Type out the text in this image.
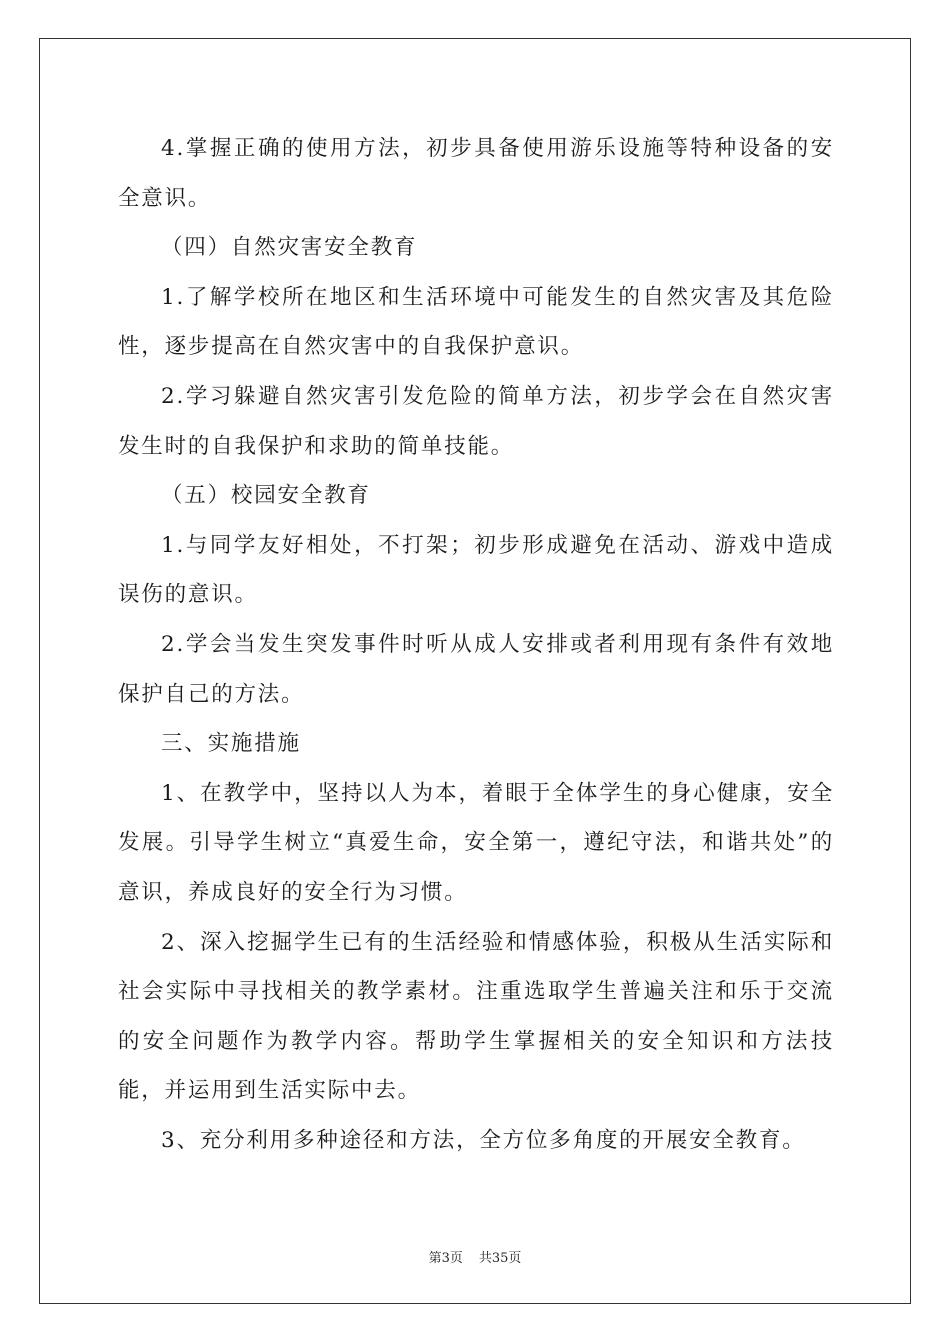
4.掌握正确的使用方法，初步具备使用游乐设施等特种设备的安全意识。

（四）自然灾害安全教育

1.了解学校所在地区和生活环境中可能发生的自然灾害及其危险性，逐步提高在自然灾害中的自我保护意识。

2.学习躲避自然灾害引发危险的简单方法，初步学会在自然灾害发生时的自我保护和求助的简单技能。

（五）校园安全教育

1.与同学友好相处，不打架；初步形成避免在活动、游戏中造成误伤的意识。

2.学会当发生突发事件时听从成人安排或者利用现有条件有效地保护自己的方法。

三、实施措施

1、在教学中，坚持以人为本，着眼于全体学生的身心健康，安全发展。引导学生树立“真爱生命，安全第一，遵纪守法，和谐共处”的意识，养成良好的安全行为习惯。

2、深入挖掘学生已有的生活经验和情感体验，积极从生活实际和社会实际中寻找相关的教学素材。注重选取学生普遍关注和乐于交流的安全问题作为教学内容。帮助学生掌握相关的安全知识和方法技能，并运用到生活实际中去。

3、充分利用多种途径和方法，全方位多角度的开展安全教育。

第3页 共35页
